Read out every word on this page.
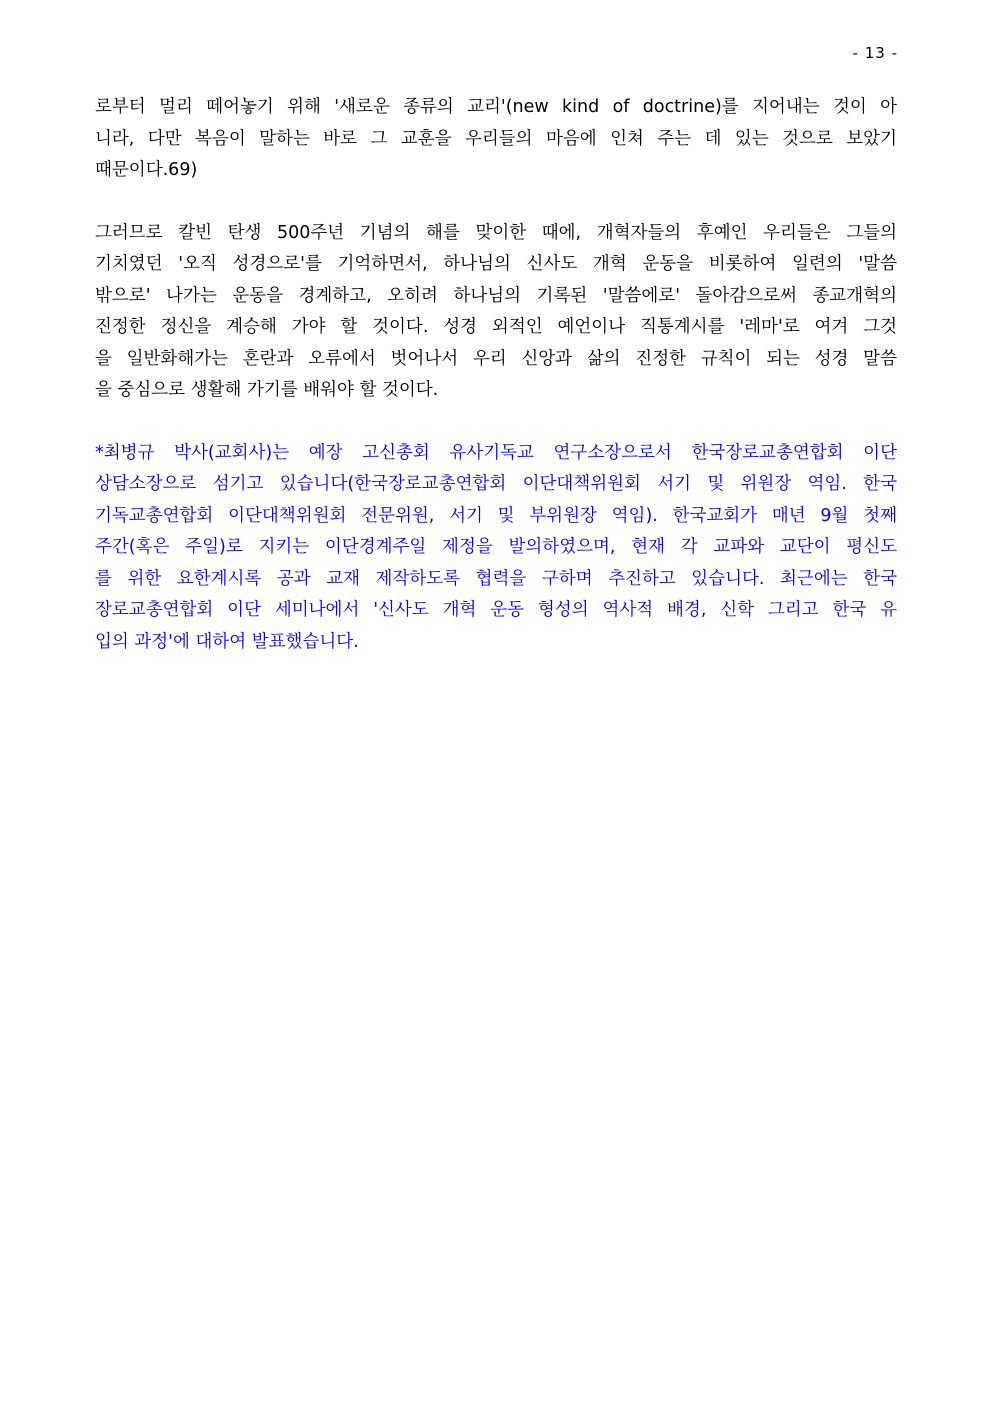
- 13 -

로부터 멀리 떼어놓기 위해 '새로운 종류의 교리'(new kind of doctrine)를 지어내는 것이 아
니라, 다만 복음이 말하는 바로 그 교훈을 우리들의 마음에 인쳐 주는 데 있는 것으로 보았기
때문이다.69)

그러므로 칼빈 탄생 500주년 기념의 해를 맞이한 때에, 개혁자들의 후예인 우리들은 그들의
기치였던 '오직 성경으로'를 기억하면서, 하나님의 신사도 개혁 운동을 비롯하여 일련의 '말씀
밖으로' 나가는 운동을 경계하고, 오히려 하나님의 기록된 '말씀에로' 돌아감으로써 종교개혁의
진정한 정신을 계승해 가야 할 것이다. 성경 외적인 예언이나 직통계시를 '레마'로 여겨 그것
을 일반화해가는 혼란과 오류에서 벗어나서 우리 신앙과 삶의 진정한 규칙이 되는 성경 말씀
을 중심으로 생활해 가기를 배워야 할 것이다.

*최병규 박사(교회사)는 예장 고신총회 유사기독교 연구소장으로서 한국장로교총연합회 이단
상담소장으로 섬기고 있습니다(한국장로교총연합회 이단대책위원회 서기 및 위원장 역임. 한국
기독교총연합회 이단대책위원회 전문위원, 서기 및 부위원장 역임). 한국교회가 매년 9월 첫째
주간(혹은 주일)로 지키는 이단경계주일 제정을 발의하였으며, 현재 각 교파와 교단이 평신도
를 위한 요한계시록 공과 교재 제작하도록 협력을 구하며 추진하고 있습니다. 최근에는 한국
장로교총연합회 이단 세미나에서 '신사도 개혁 운동 형성의 역사적 배경, 신학 그리고 한국 유
입의 과정'에 대하여 발표했습니다.
